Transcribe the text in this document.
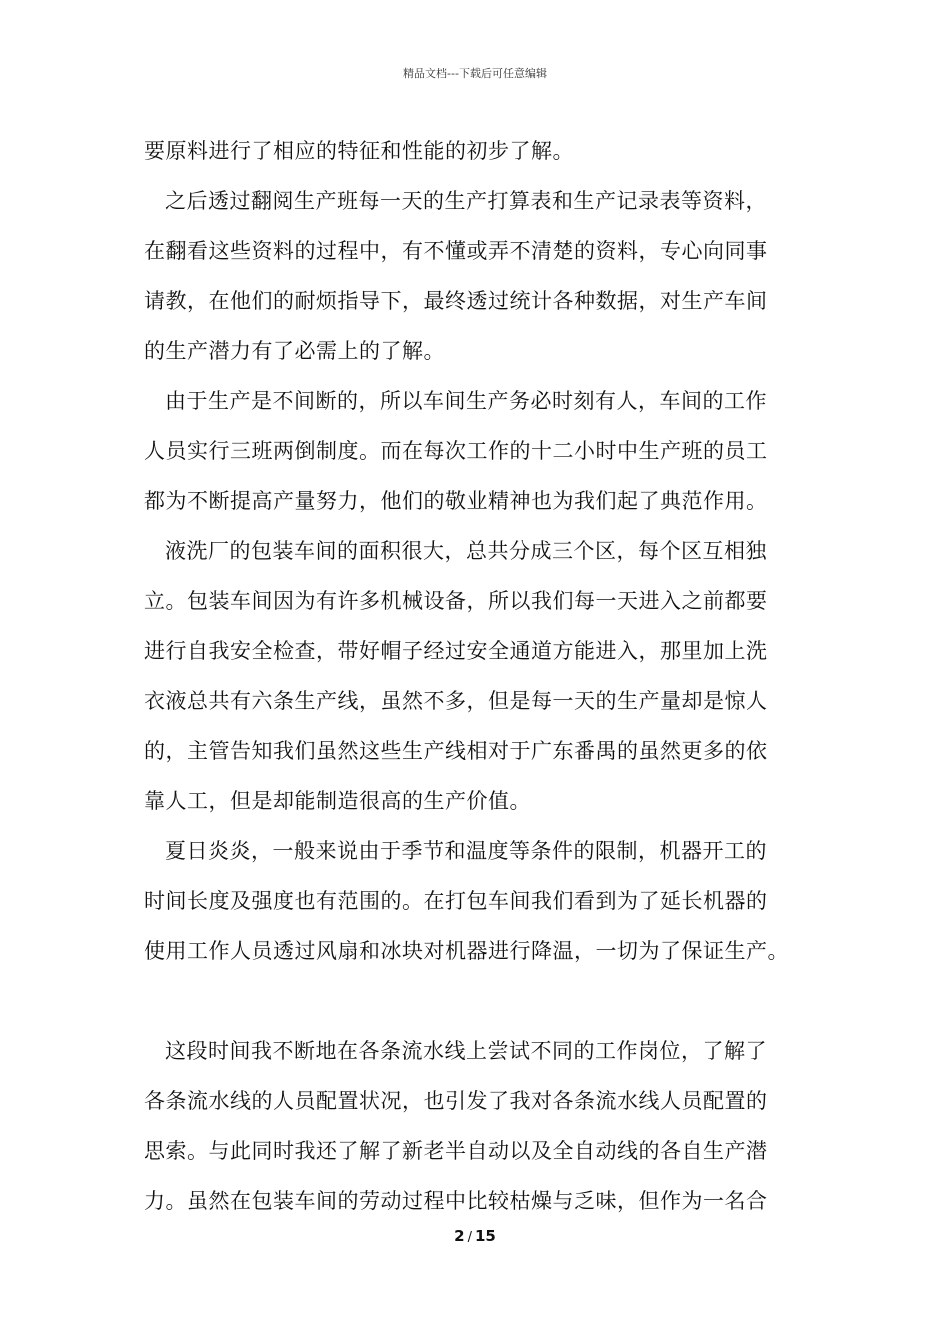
精品文档---下载后可任意编辑
要原料进行了相应的特征和性能的初步了解。
之后透过翻阅生产班每一天的生产打算表和生产记录表等资料，
在翻看这些资料的过程中，有不懂或弄不清楚的资料，专心向同事
请教，在他们的耐烦指导下，最终透过统计各种数据，对生产车间
的生产潜力有了必需上的了解。
由于生产是不间断的，所以车间生产务必时刻有人，车间的工作
人员实行三班两倒制度。而在每次工作的十二小时中生产班的员工
都为不断提高产量努力，他们的敬业精神也为我们起了典范作用。
液洗厂的包装车间的面积很大，总共分成三个区，每个区互相独
立。包装车间因为有许多机械设备，所以我们每一天进入之前都要
进行自我安全检查，带好帽子经过安全通道方能进入，那里加上洗
衣液总共有六条生产线，虽然不多，但是每一天的生产量却是惊人
的，主管告知我们虽然这些生产线相对于广东番禺的虽然更多的依
靠人工，但是却能制造很高的生产价值。
夏日炎炎，一般来说由于季节和温度等条件的限制，机器开工的
时间长度及强度也有范围的。在打包车间我们看到为了延长机器的
使用工作人员透过风扇和冰块对机器进行降温，一切为了保证生产。
这段时间我不断地在各条流水线上尝试不同的工作岗位，了解了
各条流水线的人员配置状况，也引发了我对各条流水线人员配置的
思索。与此同时我还了解了新老半自动以及全自动线的各自生产潜
力。虽然在包装车间的劳动过程中比较枯燥与乏味，但作为一名合
2 / 15
